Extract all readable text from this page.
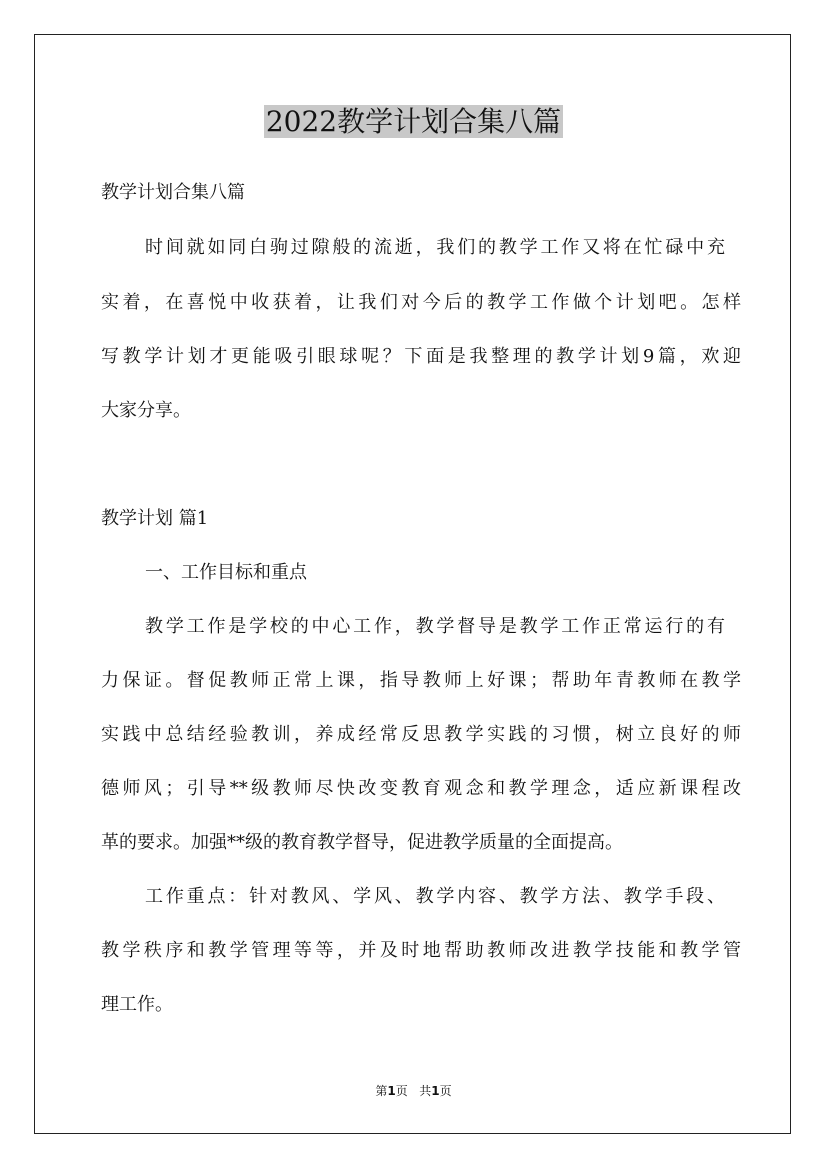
2022教学计划合集八篇

教学计划合集八篇

时间就如同白驹过隙般的流逝，我们的教学工作又将在忙碌中充

实着，在喜悦中收获着，让我们对今后的教学工作做个计划吧。怎样

写教学计划才更能吸引眼球呢？下面是我整理的教学计划9篇，欢迎

大家分享。

教学计划 篇1

一、工作目标和重点

教学工作是学校的中心工作，教学督导是教学工作正常运行的有

力保证。督促教师正常上课，指导教师上好课；帮助年青教师在教学

实践中总结经验教训，养成经常反思教学实践的习惯，树立良好的师

德师风；引导**级教师尽快改变教育观念和教学理念，适应新课程改

革的要求。加强**级的教育教学督导，促进教学质量的全面提高。

工作重点：针对教风、学风、教学内容、教学方法、教学手段、

教学秩序和教学管理等等，并及时地帮助教师改进教学技能和教学管

理工作。

第1页 共1页
